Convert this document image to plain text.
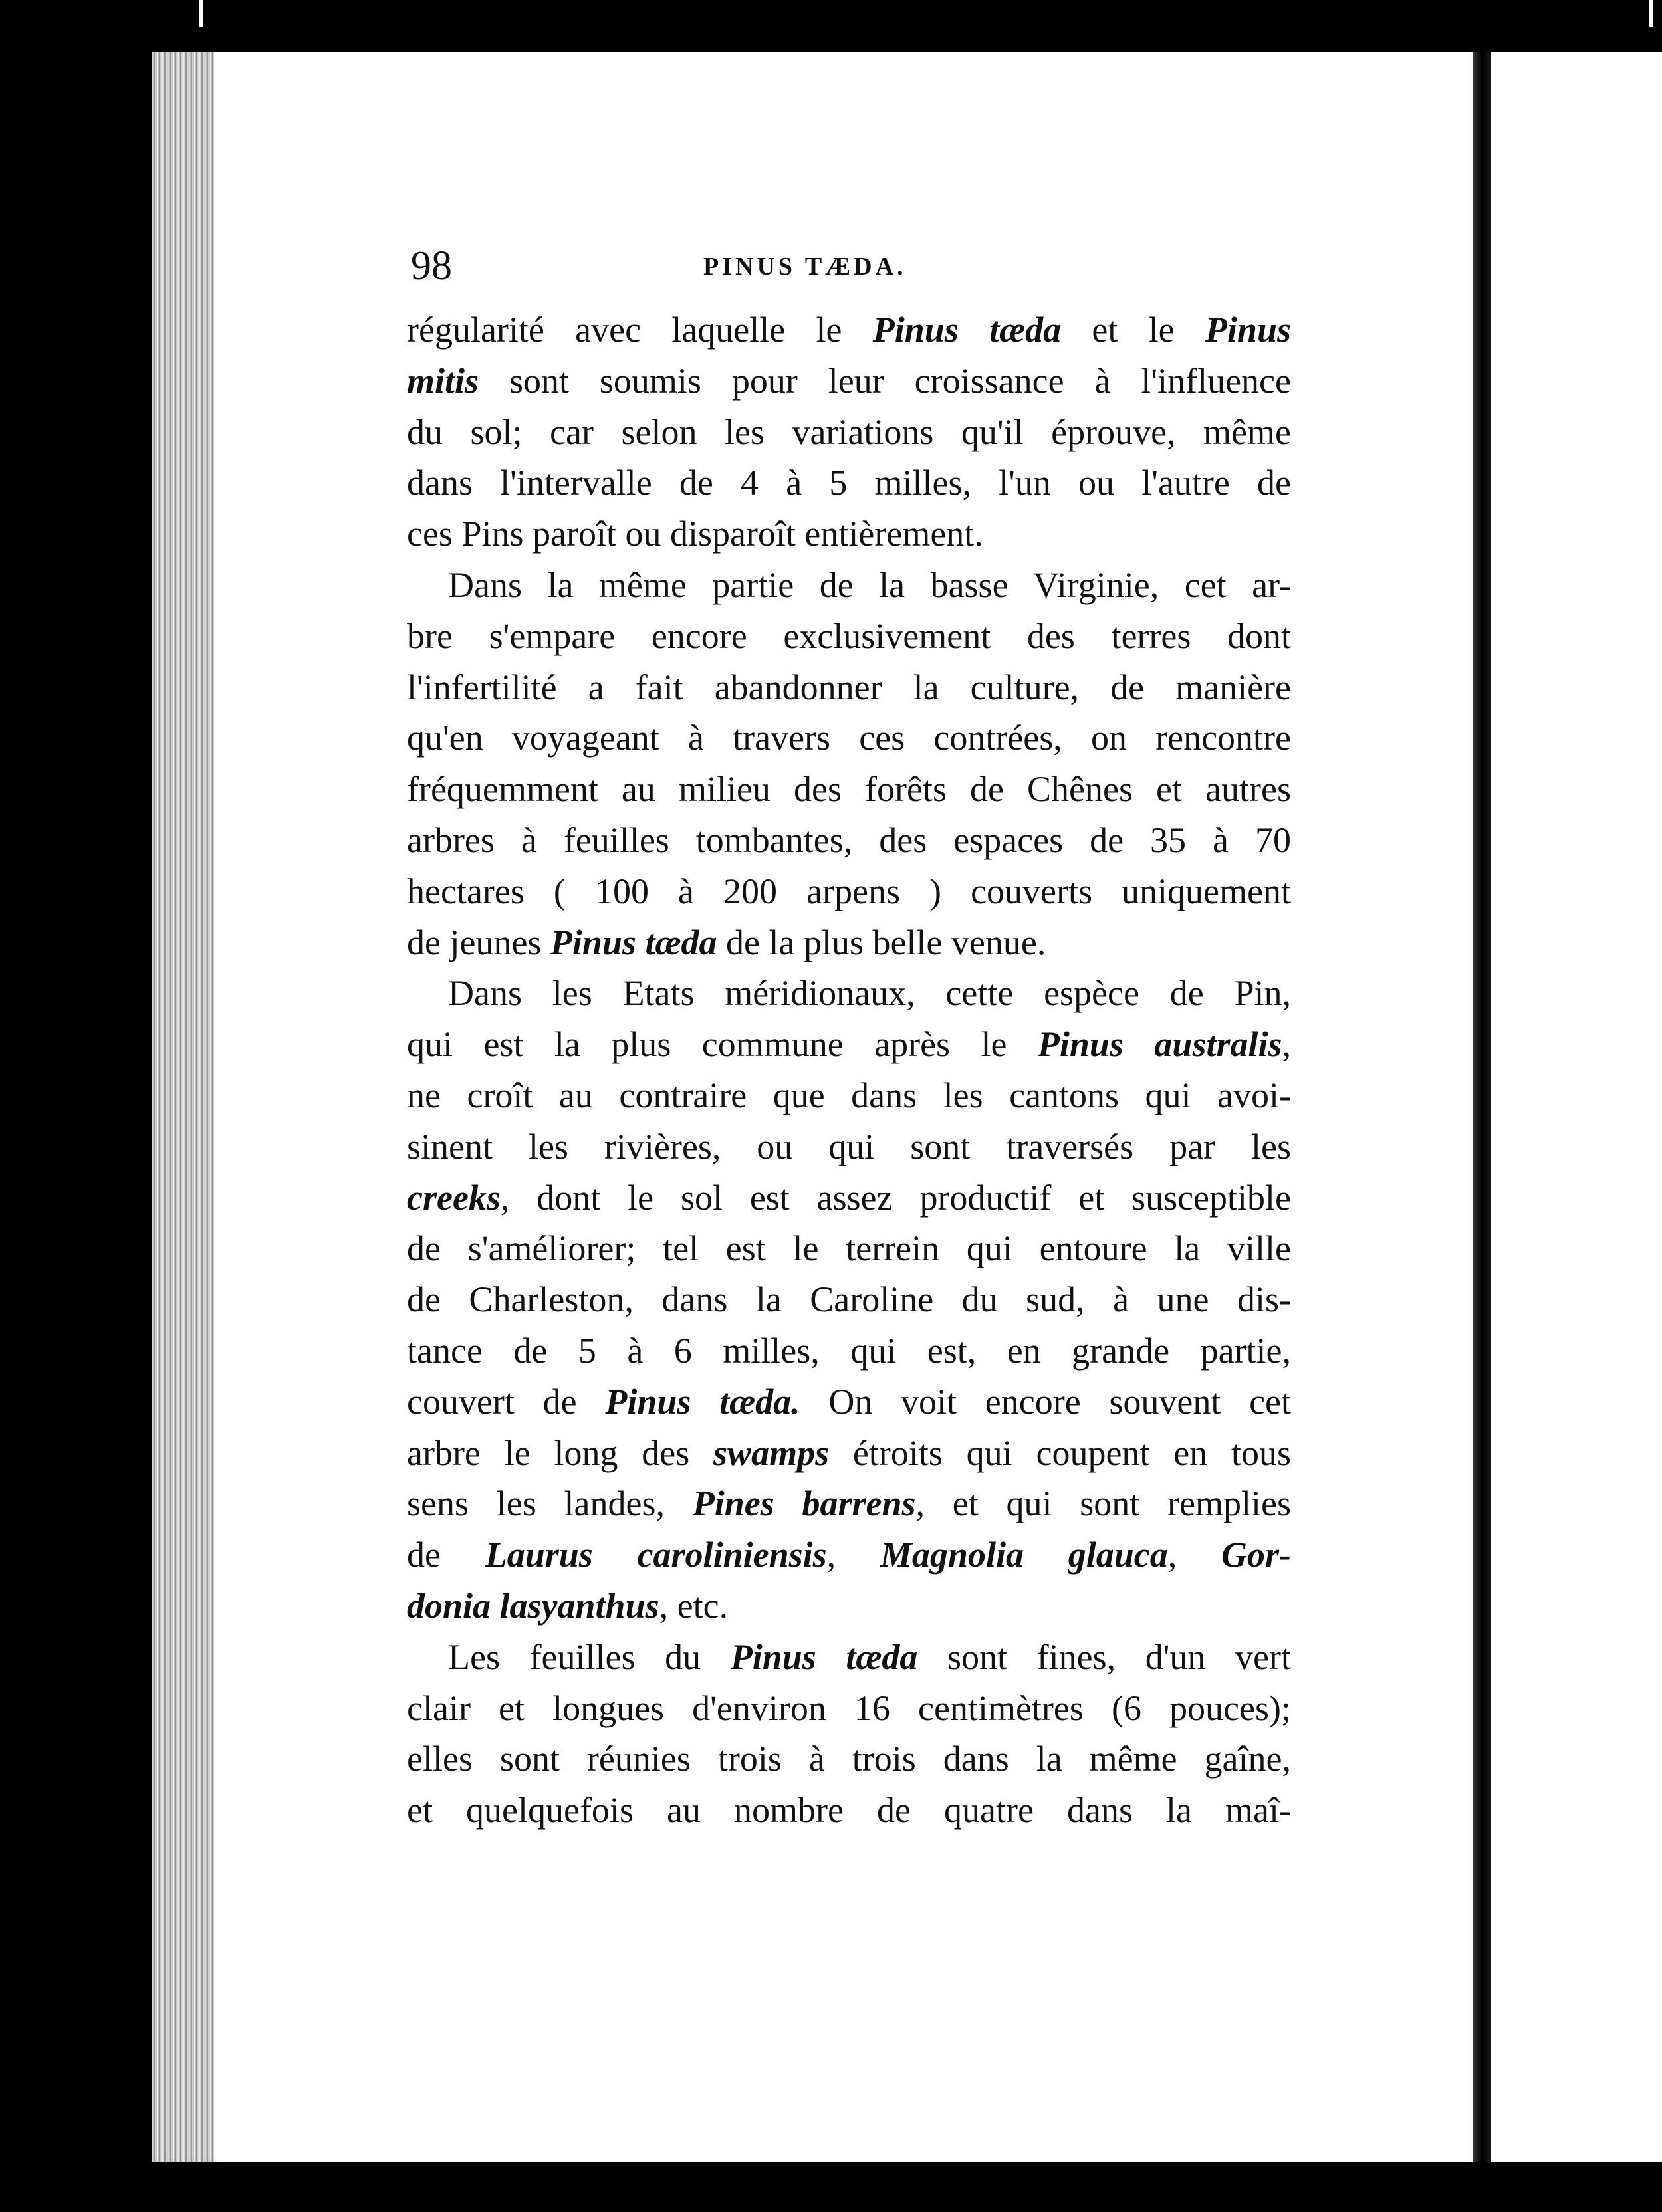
98	PINUS TÆDA.
régularité avec laquelle le Pinus tæda et le Pinus
mitis sont soumis pour leur croissance à l'influence
du sol; car selon les variations qu'il éprouve, même
dans l'intervalle de 4 à 5 milles, l'un ou l'autre de
ces Pins paroît ou disparoît entièrement.
Dans la même partie de la basse Virginie, cet ar-
bre s'empare encore exclusivement des terres dont
l'infertilité a fait abandonner la culture, de manière
qu'en voyageant à travers ces contrées, on rencontre
fréquemment au milieu des forêts de Chênes et autres
arbres à feuilles tombantes, des espaces de 35 à 70
hectares ( 100 à 200 arpens ) couverts uniquement
de jeunes Pinus tæda de la plus belle venue.
Dans les Etats méridionaux, cette espèce de Pin,
qui est la plus commune après le Pinus australis,
ne croît au contraire que dans les cantons qui avoi-
sinent les rivières, ou qui sont traversés par les
creeks, dont le sol est assez productif et susceptible
de s'améliorer; tel est le terrein qui entoure la ville
de Charleston, dans la Caroline du sud, à une dis-
tance de 5 à 6 milles, qui est, en grande partie,
couvert de Pinus tæda. On voit encore souvent cet
arbre le long des swamps étroits qui coupent en tous
sens les landes, Pines barrens, et qui sont remplies
de Laurus caroliniensis, Magnolia glauca, Gor-
donia lasyanthus, etc.
Les feuilles du Pinus tæda sont fines, d'un vert
clair et longues d'environ 16 centimètres (6 pouces);
elles sont réunies trois à trois dans la même gaîne,
et quelquefois au nombre de quatre dans la maî-
